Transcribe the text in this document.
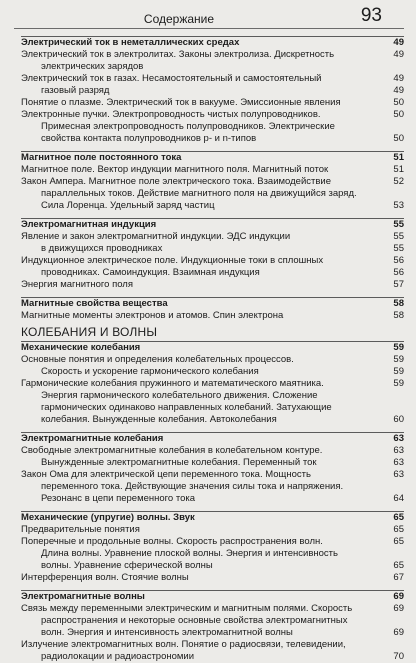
Содержание	93
Электрический ток в неметаллических средах	49
Электрический ток в электролитах. Законы электролиза. Дискретность	49
электрических зарядов
Электрический ток в газах. Несамостоятельный и самостоятельный	49
газовый разряд	49
Понятие о плазме. Электрический ток в вакууме. Эмиссионные явления	50
Электронные пучки. Электропроводность чистых полупроводников.	50
Примесная электропроводность полупроводников. Электрические
свойства контакта полупроводников p- и n-типов	50
Магнитное поле постоянного тока	51
Магнитное поле. Вектор индукции магнитного поля. Магнитный поток	51
Закон Ампера. Магнитное поле электрического тока. Взаимодействие	52
параллельных токов. Действие магнитного поля на движущийся заряд.
Сила Лоренца. Удельный заряд частиц	53
Электромагнитная индукция	55
Явление и закон электромагнитной индукции. ЭДС индукции	55
в движущихся проводниках	55
Индукционное электрическое поле. Индукционные токи в сплошных	56
проводниках. Самоиндукция. Взаимная индукция	56
Энергия магнитного поля	57
Магнитные свойства вещества	58
Магнитные моменты электронов и атомов. Спин электрона	58
КОЛЕБАНИЯ И ВОЛНЫ
Механические колебания	59
Основные понятия и определения колебательных процессов.	59
Скорость и ускорение гармонического колебания	59
Гармонические колебания пружинного и математического маятника.	59
Энергия гармонического колебательного движения. Сложение
гармонических одинаково направленных колебаний. Затухающие
колебания. Вынужденные колебания. Автоколебания	60
Электромагнитные колебания	63
Свободные электромагнитные колебания в колебательном контуре.	63
Вынужденные электромагнитные колебания. Переменный ток	63
Закон Ома для электрической цепи переменного тока. Мощность	63
переменного тока. Действующие значения силы тока и напряжения.
Резонанс в цепи переменного тока	64
Механические (упругие) волны. Звук	65
Предварительные понятия	65
Поперечные и продольные волны. Скорость распространения волн.	65
Длина волны. Уравнение плоской волны. Энергия и интенсивность
волны. Уравнение сферической волны	65
Интерференция волн. Стоячие волны	67
Электромагнитные волны	69
Связь между переменными электрическим и магнитным полями. Скорость	69
распространения и некоторые основные свойства электромагнитных
волн. Энергия и интенсивность электромагнитной волны	69
Излучение электромагнитных волн. Понятие о радиосвязи, телевидении,
радиолокации и радиоастрономии	70
